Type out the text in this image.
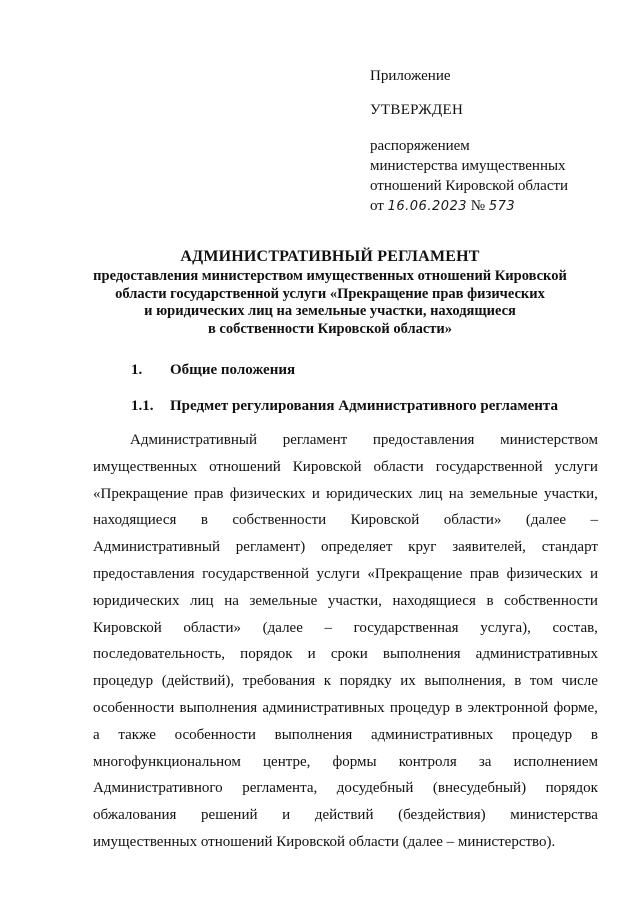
Приложение
УТВЕРЖДЕН
распоряжением
министерства имущественных
отношений Кировской области
от 16.06.2023 № 573
АДМИНИСТРАТИВНЫЙ РЕГЛАМЕНТ
предоставления министерством имущественных отношений Кировской
области государственной услуги «Прекращение прав физических
и юридических лиц на земельные участки, находящиеся
в собственности Кировской области»
1. Общие положения
1.1. Предмет регулирования Административного регламента
Административный регламент предоставления министерством
имущественных отношений Кировской области государственной услуги
«Прекращение прав физических и юридических лиц на земельные участки,
находящиеся в собственности Кировской области» (далее –
Административный регламент) определяет круг заявителей, стандарт
предоставления государственной услуги «Прекращение прав физических и
юридических лиц на земельные участки, находящиеся в собственности
Кировской области» (далее – государственная услуга), состав,
последовательность, порядок и сроки выполнения административных
процедур (действий), требования к порядку их выполнения, в том числе
особенности выполнения административных процедур в электронной форме,
а также особенности выполнения административных процедур в
многофункциональном центре, формы контроля за исполнением
Административного регламента, досудебный (внесудебный) порядок
обжалования решений и действий (бездействия) министерства
имущественных отношений Кировской области (далее – министерство).
